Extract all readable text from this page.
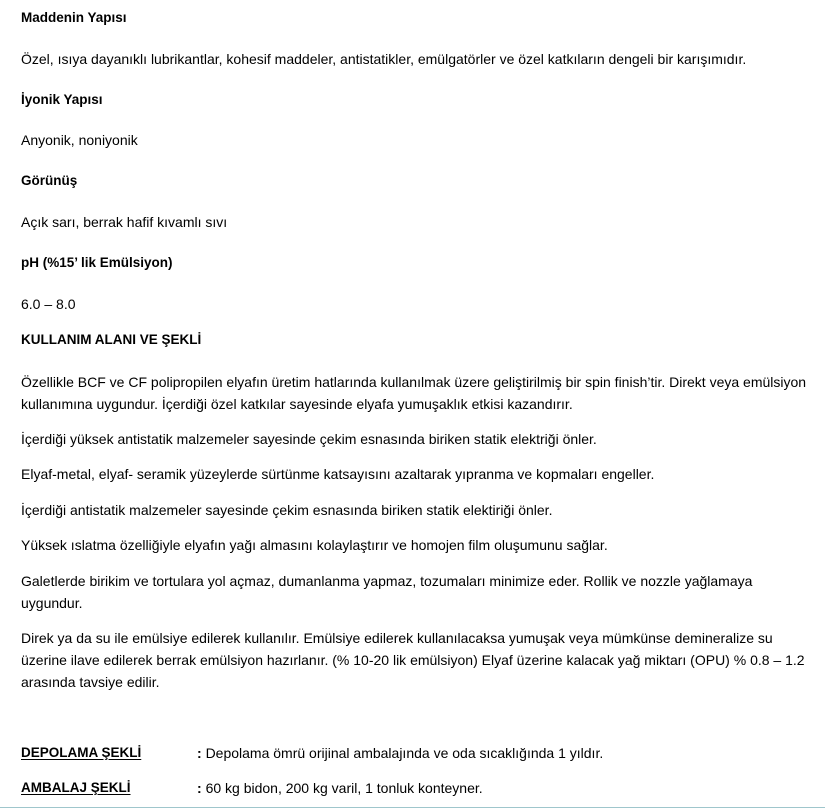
Maddenin Yapısı
Özel, ısıya dayanıklı lubrikantlar, kohesif maddeler, antistatikler, emülgatörler ve özel katkıların dengeli bir karışımıdır.
İyonik Yapısı
Anyonik, noniyonik
Görünüş
Açık sarı, berrak hafif kıvamlı sıvı
pH (%15’ lik Emülsiyon)
6.0 – 8.0
KULLANIM ALANI VE ŞEKLİ
Özellikle BCF ve CF polipropilen elyafın üretim hatlarında kullanılmak üzere geliştirilmiş bir spin finish’tir. Direkt veya emülsiyon kullanımına uygundur. İçerdiği özel katkılar sayesinde elyafa yumuşaklık etkisi kazandırır.
İçerdiği yüksek antistatik malzemeler sayesinde çekim esnasında biriken statik elektriği önler.
Elyaf-metal, elyaf- seramik yüzeylerde sürtünme katsayısını azaltarak yıpranma ve kopmaları engeller.
İçerdiği antistatik malzemeler sayesinde çekim esnasında biriken statik elektiriği önler.
Yüksek ıslatma özelliğiyle elyafın yağı almasını kolaylaştırır ve homojen film oluşumunu sağlar.
Galetlerde birikim ve tortulara yol açmaz, dumanlanma yapmaz, tozumaları minimize eder. Rollik ve nozzle yağlamaya uygundur.
Direk ya da su ile emülsiye edilerek kullanılır. Emülsiye edilerek kullanılacaksa yumuşak veya mümkünse demineralize su üzerine ilave edilerek berrak emülsiyon hazırlanır. (% 10-20 lik emülsiyon) Elyaf üzerine kalacak yağ miktarı (OPU) % 0.8 – 1.2 arasında tavsiye edilir.
DEPOLAMA ŞEKLİ	: Depolama ömrü orijinal ambalajında ve oda sıcaklığında 1 yıldır.
AMBALAJ ŞEKLİ	: 60 kg bidon, 200 kg varil, 1 tonluk konteyner.
